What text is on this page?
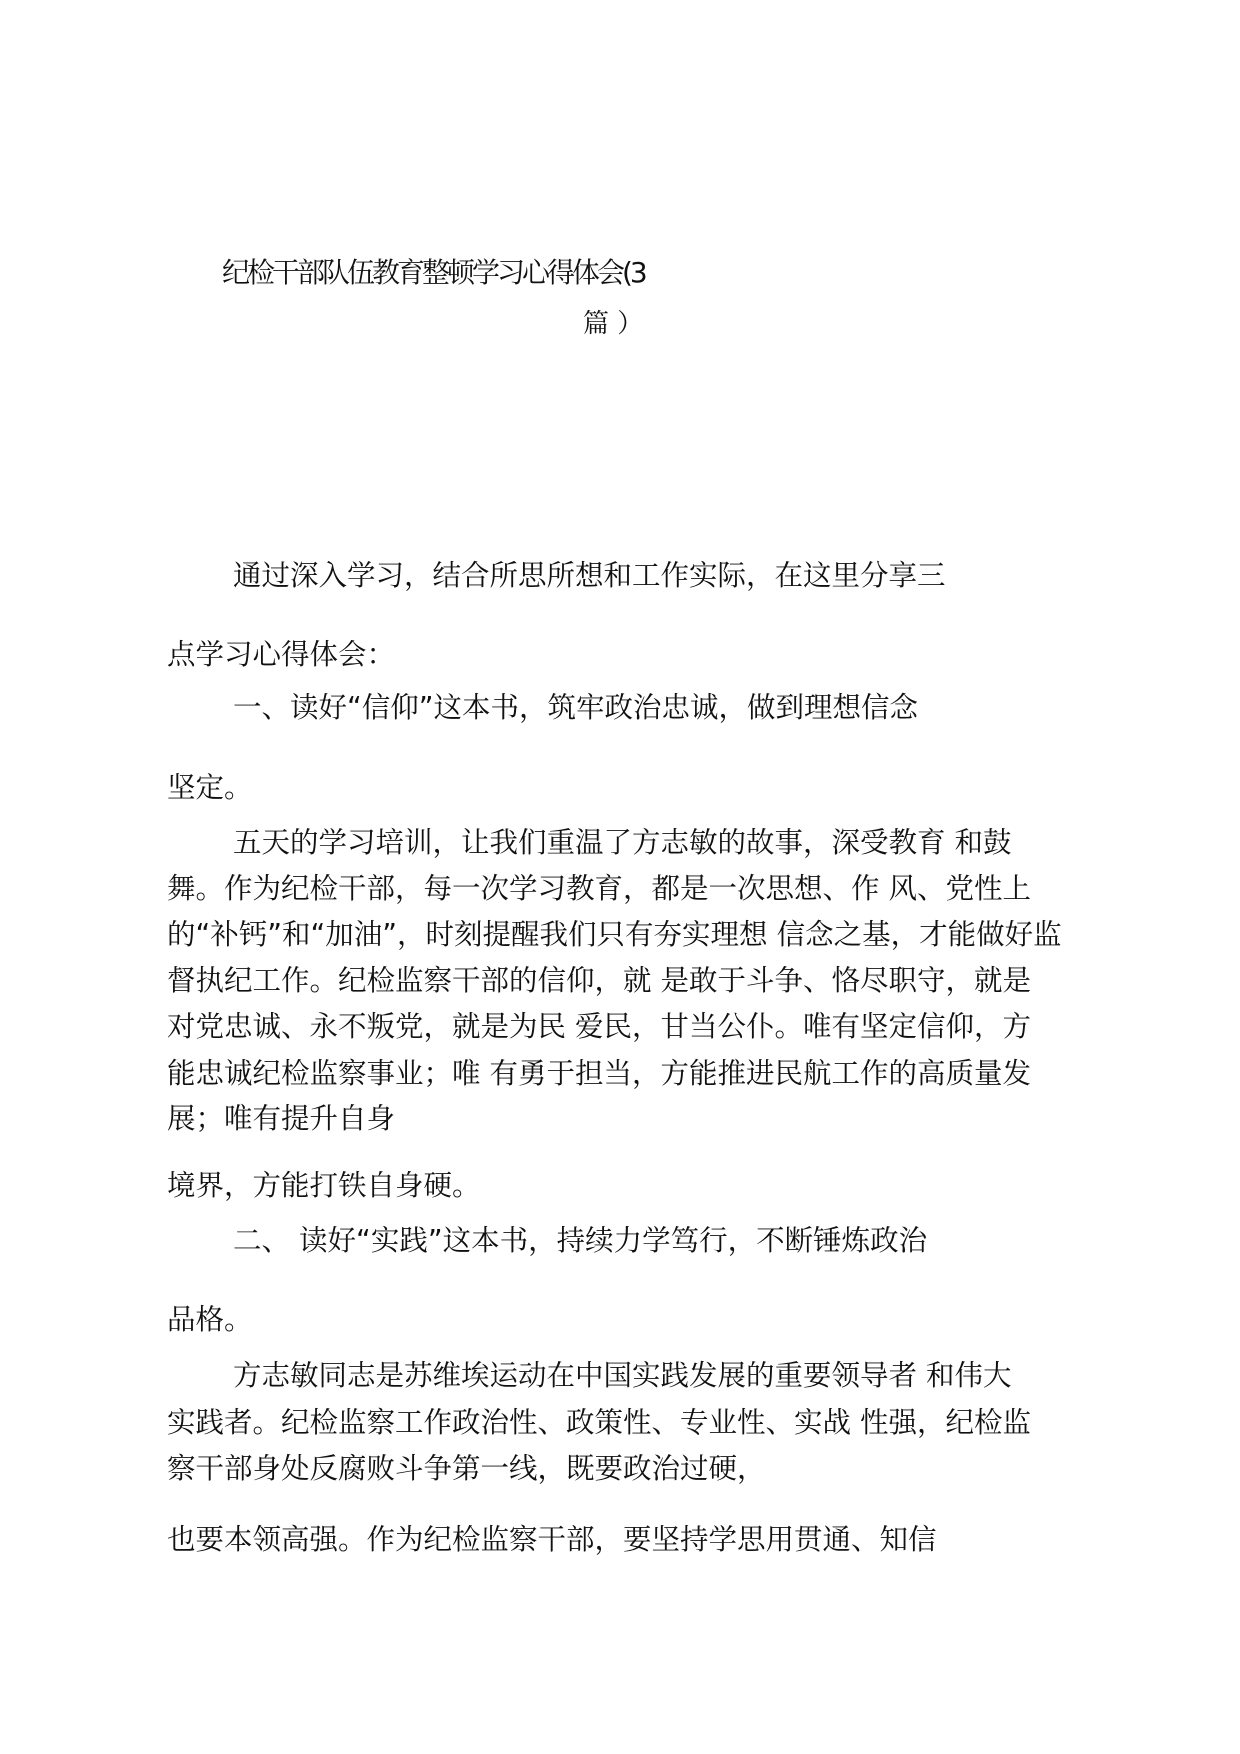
纪检干部队伍教育整顿学习心得体会(3
篇 ）
通过深入学习，结合所思所想和工作实际，在这里分享三
点学习心得体会：
一、读好“信仰”这本书，筑牢政治忠诚，做到理想信念
坚定。
五天的学习培训，让我们重温了方志敏的故事，深受教育 和鼓
舞。作为纪检干部，每一次学习教育，都是一次思想、作 风、党性上
的“补钙”和“加油”，时刻提醒我们只有夯实理想 信念之基，才能做好监
督执纪工作。纪检监察干部的信仰，就 是敢于斗争、恪尽职守，就是
对党忠诚、永不叛党，就是为民 爱民，甘当公仆。唯有坚定信仰，方
能忠诚纪检监察事业；唯 有勇于担当，方能推进民航工作的高质量发
展；唯有提升自身
境界，方能打铁自身硬。
二、 读好“实践”这本书，持续力学笃行，不断锤炼政治
品格。
方志敏同志是苏维埃运动在中国实践发展的重要领导者 和伟大
实践者。纪检监察工作政治性、政策性、专业性、实战 性强，纪检监
察干部身处反腐败斗争第一线，既要政治过硬，
也要本领高强。作为纪检监察干部，要坚持学思用贯通、知信
